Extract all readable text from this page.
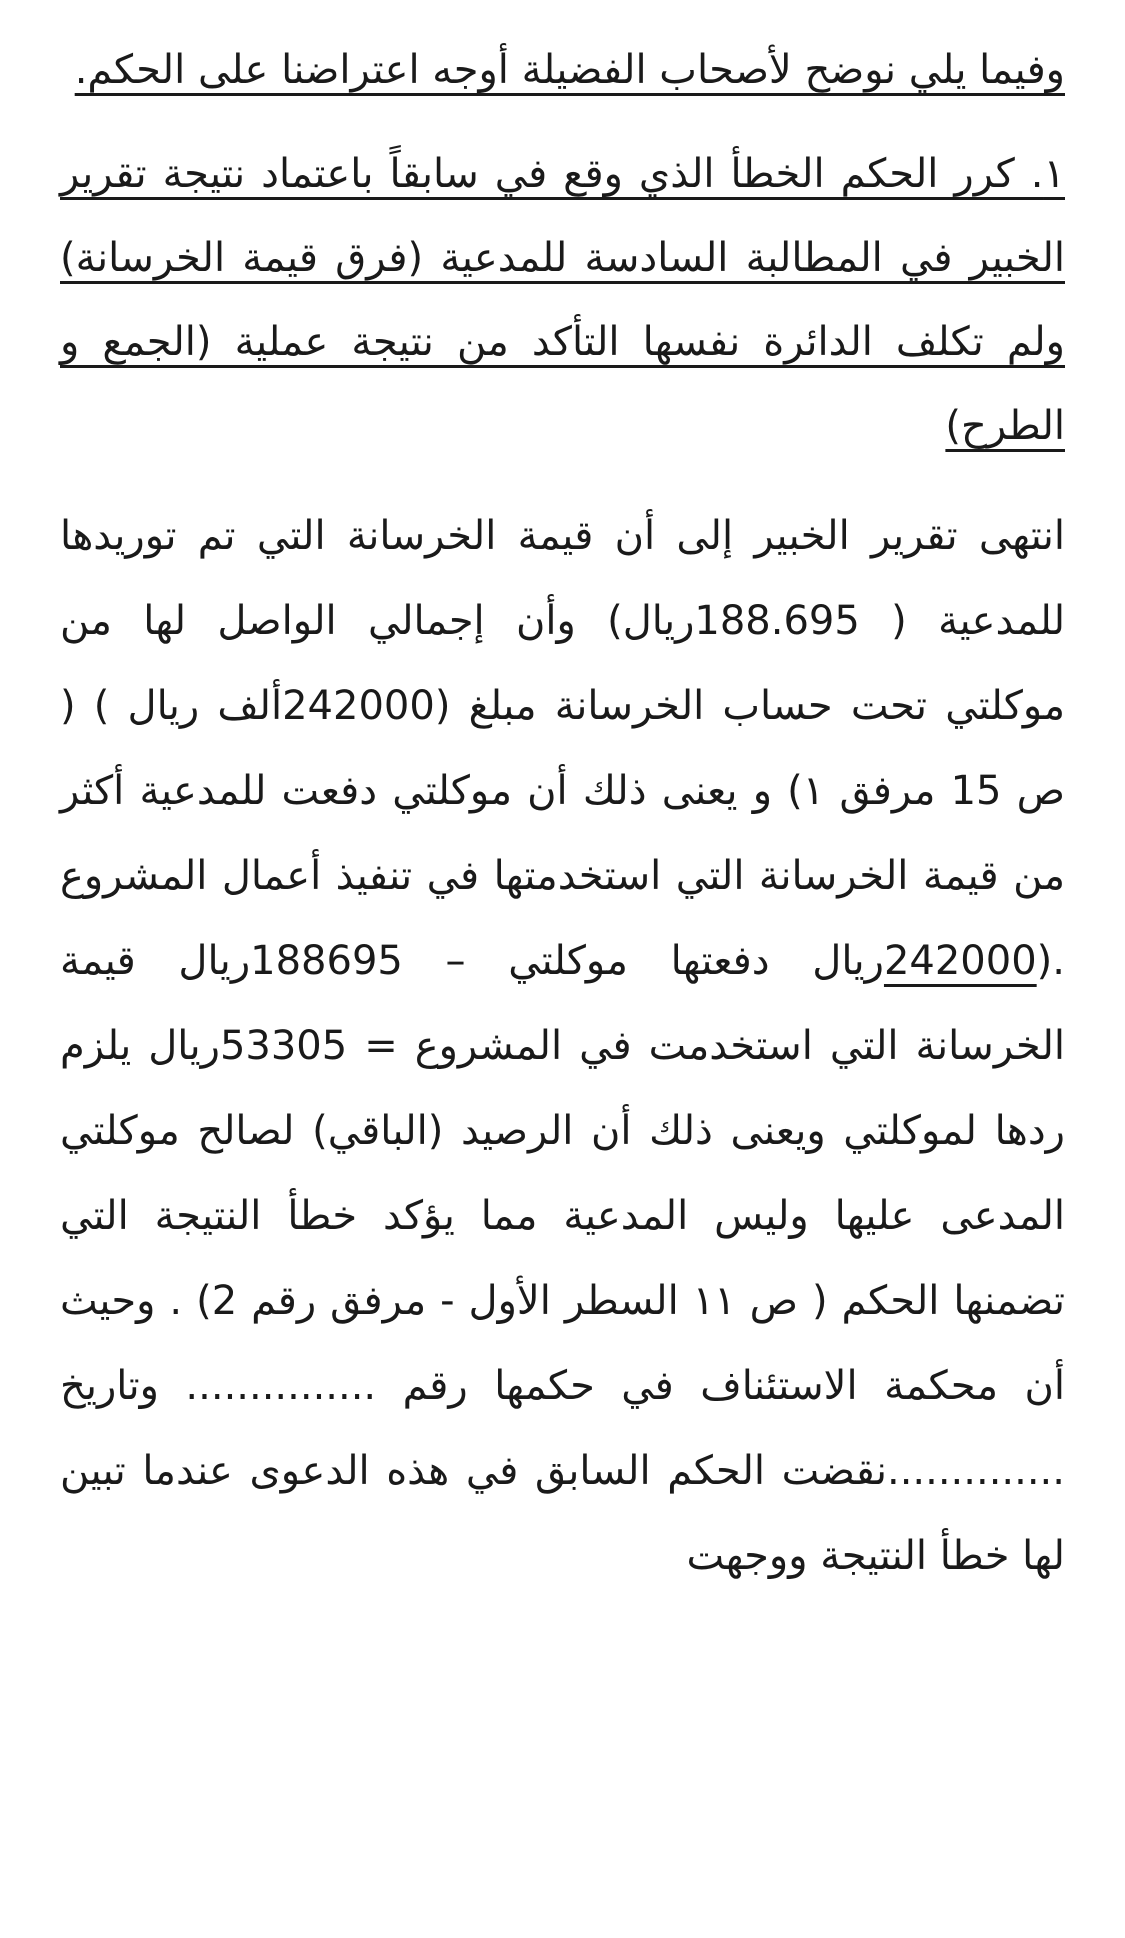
وفيما يلي نوضح لأصحاب الفضيلة أوجه اعتراضنا على الحكم.

١. كرر الحكم الخطأ الذي وقع في سابقاً باعتماد نتيجة تقرير الخبير في المطالبة السادسة للمدعية (فرق قيمة الخرسانة) ولم تكلف الدائرة نفسها التأكد من نتيجة عملية (الجمع و الطرح)

انتهى تقرير الخبير إلى أن قيمة الخرسانة التي تم توريدها للمدعية ( 188.695ريال) وأن إجمالي الواصل لها من موكلتي تحت حساب الخرسانة مبلغ (242000ألف ريال ) ( ص 15 مرفق ١) و يعنى ذلك أن موكلتي دفعت للمدعية أكثر من قيمة الخرسانة التي استخدمتها في تنفيذ أعمال المشروع .(242000ريال دفعتها موكلتي – 188695ريال قيمة الخرسانة التي استخدمت في المشروع = 53305ريال يلزم ردها لموكلتي ويعنى ذلك أن الرصيد (الباقي) لصالح موكلتي المدعى عليها وليس المدعية مما يؤكد خطأ النتيجة التي تضمنها الحكم ( ص ١١ السطر الأول - مرفق رقم 2) . وحيث أن محكمة الاستئناف في حكمها رقم ............... وتاريخ ..............نقضت الحكم السابق في هذه الدعوى عندما تبين لها خطأ النتيجة ووجهت
